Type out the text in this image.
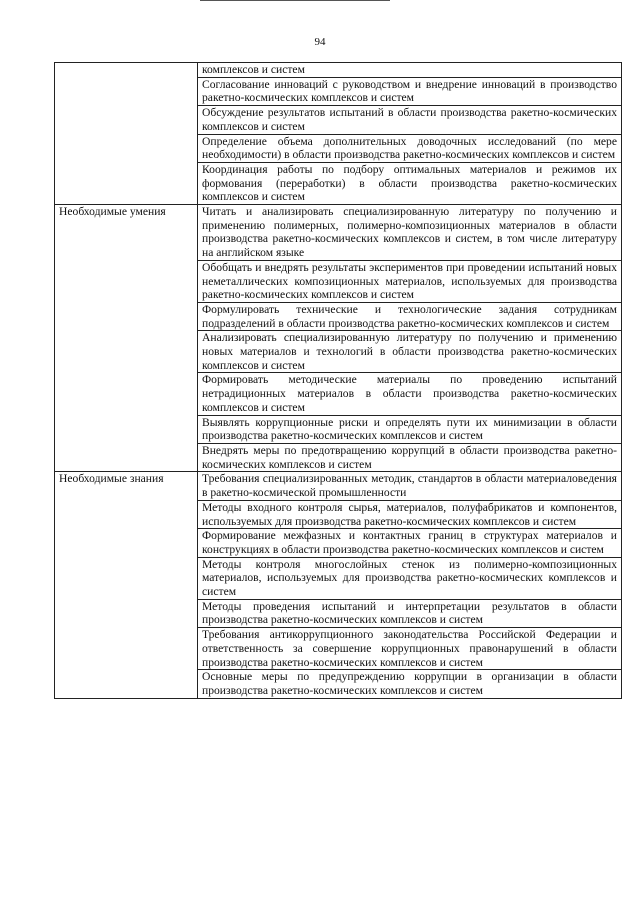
94
	комплексов и систем
	Согласование инноваций с руководством и внедрение инноваций в производство ракетно-космических комплексов и систем
	Обсуждение результатов испытаний в области производства ракетно-космических комплексов и систем
	Определение объема дополнительных доводочных исследований (по мере необходимости) в области производства ракетно-космических комплексов и систем
	Координация работы по подбору оптимальных материалов и режимов их формования (переработки) в области производства ракетно-космических комплексов и систем
Необходимые умения	Читать и анализировать специализированную литературу по получению и применению полимерных, полимерно-композиционных материалов в области производства ракетно-космических комплексов и систем, в том числе литературу на английском языке
	Обобщать и внедрять результаты экспериментов при проведении испытаний новых неметаллических композиционных материалов, используемых для производства ракетно-космических комплексов и систем
	Формулировать технические и технологические задания сотрудникам подразделений в области производства ракетно-космических комплексов и систем
	Анализировать специализированную литературу по получению и применению новых материалов и технологий в области производства ракетно-космических комплексов и систем
	Формировать методические материалы по проведению испытаний нетрадиционных материалов в области производства ракетно-космических комплексов и систем
	Выявлять коррупционные риски и определять пути их минимизации в области производства ракетно-космических комплексов и систем
	Внедрять меры по предотвращению коррупций в области производства ракетно-космических комплексов и систем
Необходимые знания	Требования специализированных методик, стандартов в области материаловедения в ракетно-космической промышленности
	Методы входного контроля сырья, материалов, полуфабрикатов и компонентов, используемых для производства ракетно-космических комплексов и систем
	Формирование межфазных и контактных границ в структурах материалов и конструкциях в области производства ракетно-космических комплексов и систем
	Методы контроля многослойных стенок из полимерно-композиционных материалов, используемых для производства ракетно-космических комплексов и систем
	Методы проведения испытаний и интерпретации результатов в области производства ракетно-космических комплексов и систем
	Требования антикоррупционного законодательства Российской Федерации и ответственность за совершение коррупционных правонарушений в области производства ракетно-космических комплексов и систем
	Основные меры по предупреждению коррупции в организации в области производства ракетно-космических комплексов и систем
